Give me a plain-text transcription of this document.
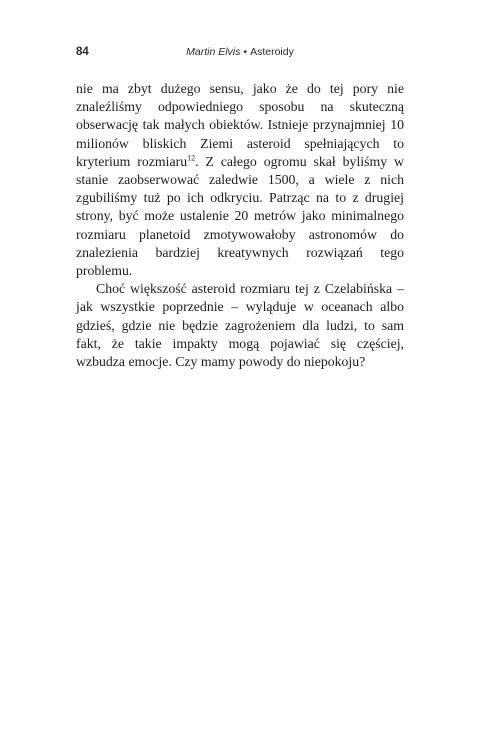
84	Martin Elvis • Asteroidy

nie ma zbyt dużego sensu, jako że do tej pory nie znaleźliśmy odpowiedniego sposobu na skuteczną obserwację tak małych obiektów. Istnieje przynajmniej 10 milionów bliskich Ziemi asteroid spełniających to kryterium rozmiaru$^{12}$. Z całego ogromu skał byliśmy w stanie zaobserwować zaledwie 1500, a wiele z nich zgubiliśmy tuż po ich odkryciu. Patrząc na to z drugiej strony, być może ustalenie 20 metrów jako minimalnego rozmiaru planetoid zmotywowałoby astronomów do znalezienia bardziej kreatywnych rozwiązań tego problemu.

Choć większość asteroid rozmiaru tej z Czelabińska – jak wszystkie poprzednie – wyląduje w oceanach albo gdzieś, gdzie nie będzie zagrożeniem dla ludzi, to sam fakt, że takie impakty mogą pojawiać się częściej, wzbudza emocje. Czy mamy powody do niepokoju?
